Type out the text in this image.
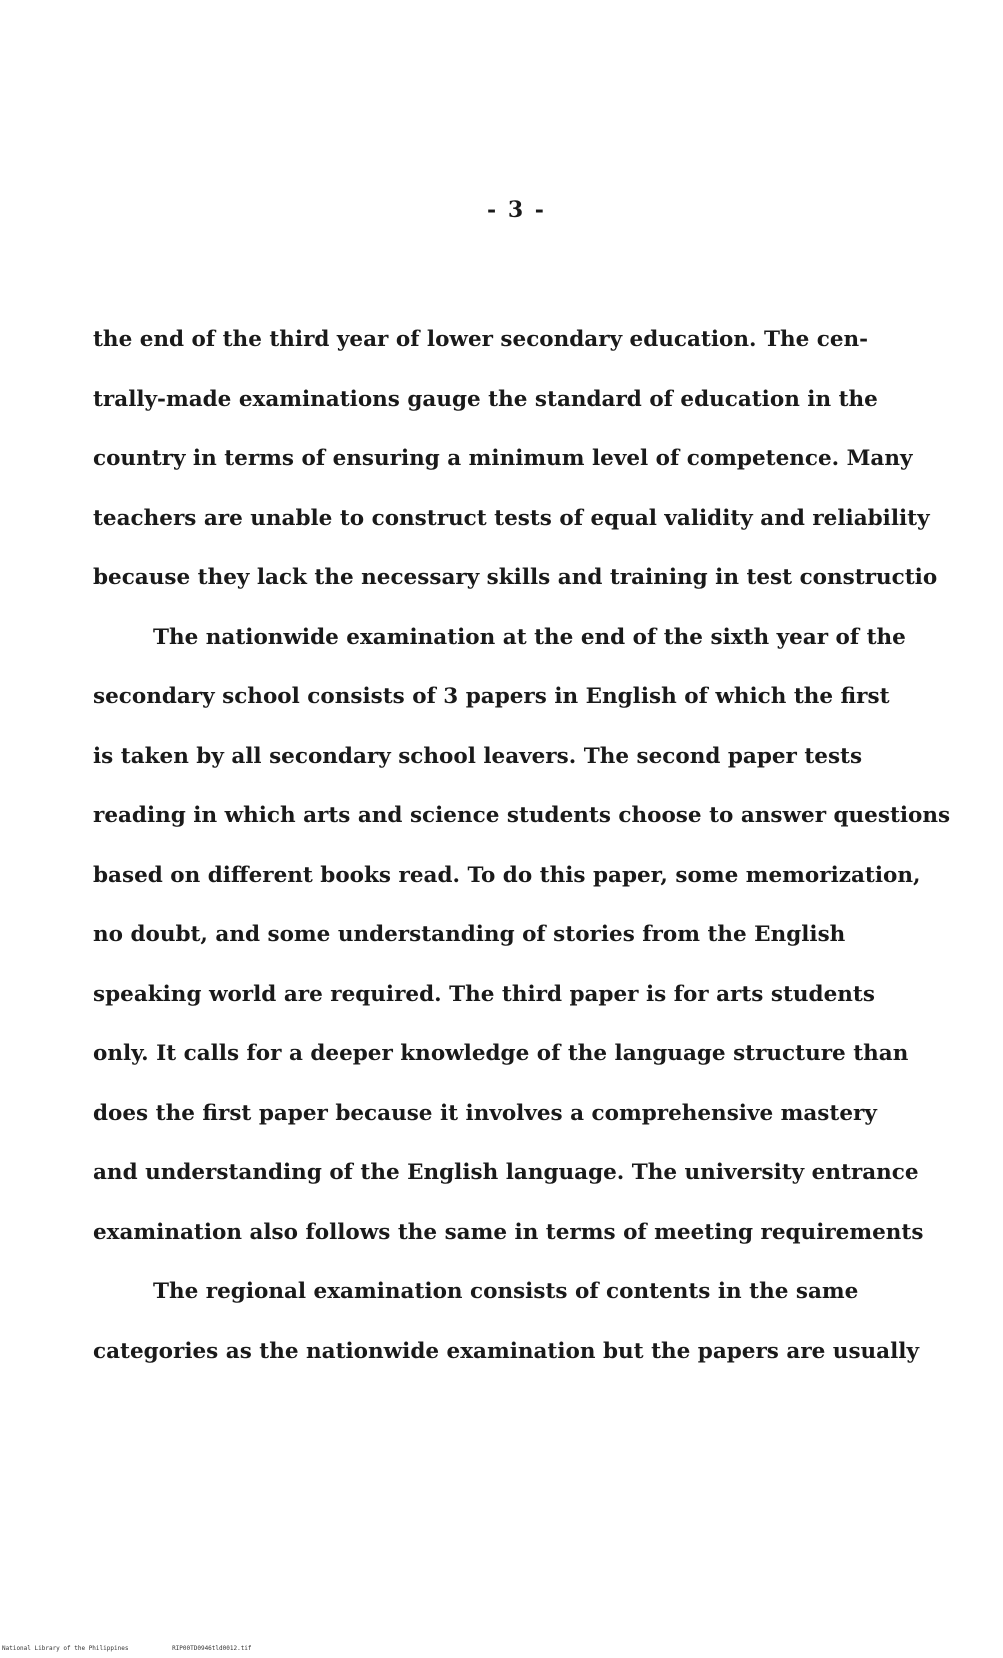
- 3 -
the end of the third year of lower secondary education. The cen-
trally-made examinations gauge the standard of education in the
country in terms of ensuring a minimum level of competence. Many
teachers are unable to construct tests of equal validity and reliability
because they lack the necessary skills and training in test constructio
The nationwide examination at the end of the sixth year of the
secondary school consists of 3 papers in English of which the first
is taken by all secondary school leavers. The second paper tests
reading in which arts and science students choose to answer questions
based on different books read. To do this paper, some memorization,
no doubt, and some understanding of stories from the English
speaking world are required. The third paper is for arts students
only. It calls for a deeper knowledge of the language structure than
does the first paper because it involves a comprehensive mastery
and understanding of the English language. The university entrance
examination also follows the same in terms of meeting requirements
The regional examination consists of contents in the same
categories as the nationwide examination but the papers are usually
National Library of the Philippines	RIP00TD0946tld0012.tif
